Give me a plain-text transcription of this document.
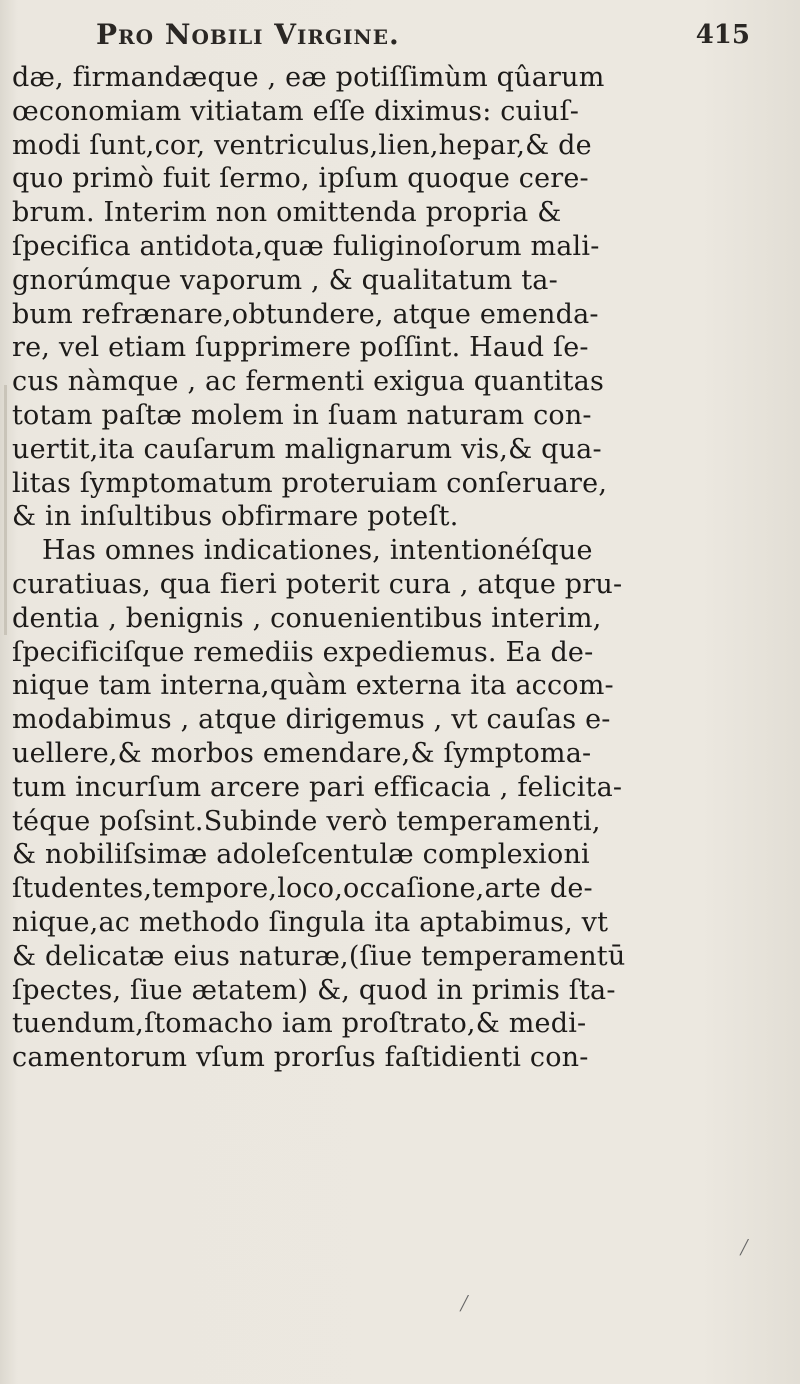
Pro Nobili Virgine.	415
dæ, firmandæque , eæ potiſſimùm qûarum
œconomiam vitiatam eſſe diximus: cuiuſ-
modi ſunt,cor, ventriculus,lien,hepar,& de
quo primò fuit ſermo, ipſum quoque cere-
brum. Interim non omittenda propria &
ſpecifica antidota,quæ fuliginoſorum mali-
gnorúmque vaporum , & qualitatum ta-
bum refrænare,obtundere, atque emenda-
re, vel etiam ſupprimere poſſint. Haud ſe-
cus nàmque , ac fermenti exigua quantitas
totam paſtæ molem in ſuam naturam con-
uertit,ita cauſarum malignarum vis,& qua-
litas ſymptomatum proteruiam conſeruare,
& in inſultibus obfirmare poteſt.
Has omnes indicationes, intentionéſque
curatiuas, qua fieri poterit cura , atque pru-
dentia , benignis , conuenientibus interim,
ſpecificiſque remediis expediemus. Ea de-
nique tam interna,quàm externa ita accom-
modabimus , atque dirigemus , vt cauſas e-
uellere,& morbos emendare,& ſymptoma-
tum incurſum arcere pari efficacia , felicita-
téque poſsint.Subinde verò temperamenti,
& nobiliſsimæ adoleſcentulæ complexioni
ſtudentes,tempore,loco,occaſione,arte de-
nique,ac methodo ſingula ita aptabimus, vt
& delicatæ eius naturæ,(ſiue temperamentū
ſpectes, ſiue ætatem) &, quod in primis ſta-
tuendum,ſtomacho iam proſtrato,& medi-
camentorum vſum prorſus faſtidienti con-
╱
╱
